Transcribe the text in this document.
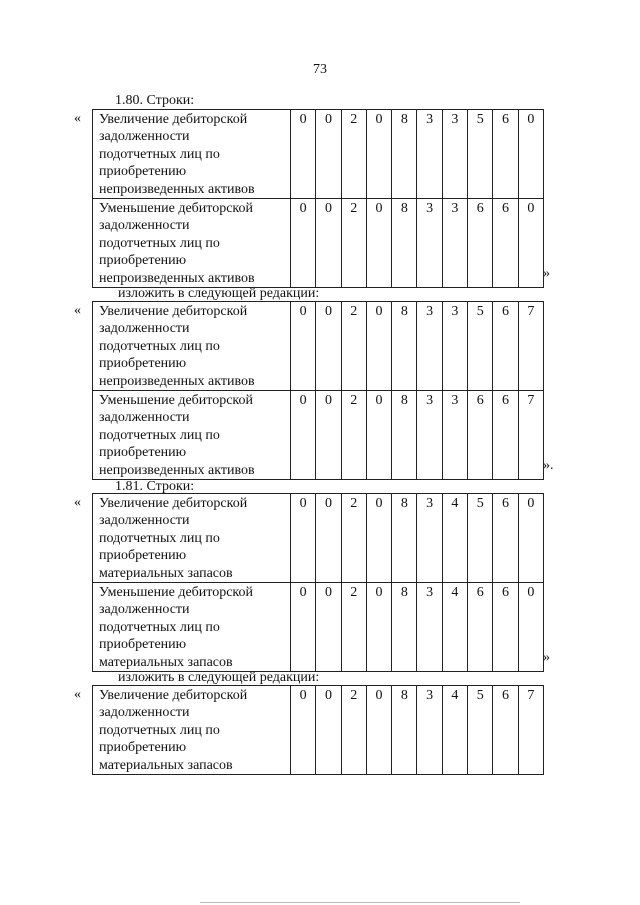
73
1.80. Строки:
изложить в следующей редакции:
1.81. Строки:
изложить в следующей редакции:
«
«
«
«
»
».
»
Увеличение дебиторской
задолженности
подотчетных лиц по
приобретению
непроизведенных активов	0	0	2	0	8	3	3	5	6	0

Уменьшение дебиторской
задолженности
подотчетных лиц по
приобретению
непроизведенных активов	0	0	2	0	8	3	3	6	6	0
Увеличение дебиторской
задолженности
подотчетных лиц по
приобретению
непроизведенных активов	0	0	2	0	8	3	3	5	6	7

Уменьшение дебиторской
задолженности
подотчетных лиц по
приобретению
непроизведенных активов	0	0	2	0	8	3	3	6	6	7
Увеличение дебиторской
задолженности
подотчетных лиц по
приобретению
материальных запасов	0	0	2	0	8	3	4	5	6	0

Уменьшение дебиторской
задолженности
подотчетных лиц по
приобретению
материальных запасов	0	0	2	0	8	3	4	6	6	0
Увеличение дебиторской
задолженности
подотчетных лиц по
приобретению
материальных запасов
	0	0	2	0	8	3	4	5	6	7
